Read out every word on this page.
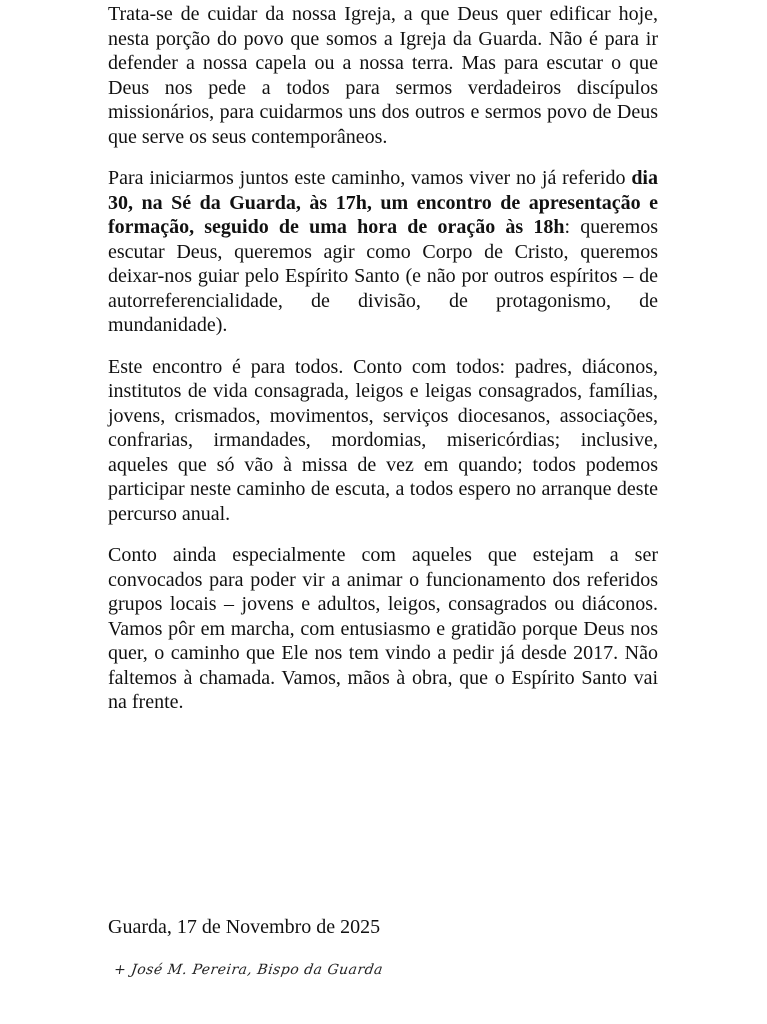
Trata-se de cuidar da nossa Igreja, a que Deus quer edificar hoje, nesta porção do povo que somos a Igreja da Guarda. Não é para ir defender a nossa capela ou a nossa terra. Mas para escutar o que Deus nos pede a todos para sermos verdadeiros discípulos missionários, para cuidarmos uns dos outros e sermos povo de Deus que serve os seus contemporâneos.

Para iniciarmos juntos este caminho, vamos viver no já referido dia 30, na Sé da Guarda, às 17h, um encontro de apresentação e formação, seguido de uma hora de oração às 18h: queremos escutar Deus, queremos agir como Corpo de Cristo, queremos deixar-nos guiar pelo Espírito Santo (e não por outros espíritos – de autorreferencialidade, de divisão, de protagonismo, de mundanidade).

Este encontro é para todos. Conto com todos: padres, diáconos, institutos de vida consagrada, leigos e leigas consagrados, famílias, jovens, crismados, movimentos, serviços diocesanos, associações, confrarias, irmandades, mordomias, misericórdias; inclusive, aqueles que só vão à missa de vez em quando; todos podemos participar neste caminho de escuta, a todos espero no arranque deste percurso anual.

Conto ainda especialmente com aqueles que estejam a ser convocados para poder vir a animar o funcionamento dos referidos grupos locais – jovens e adultos, leigos, consagrados ou diáconos. Vamos pôr em marcha, com entusiasmo e gratidão porque Deus nos quer, o caminho que Ele nos tem vindo a pedir já desde 2017. Não faltemos à chamada. Vamos, mãos à obra, que o Espírito Santo vai na frente.

Guarda, 17 de Novembro de 2025
+ José M. Pereira, Bispo da Guarda
